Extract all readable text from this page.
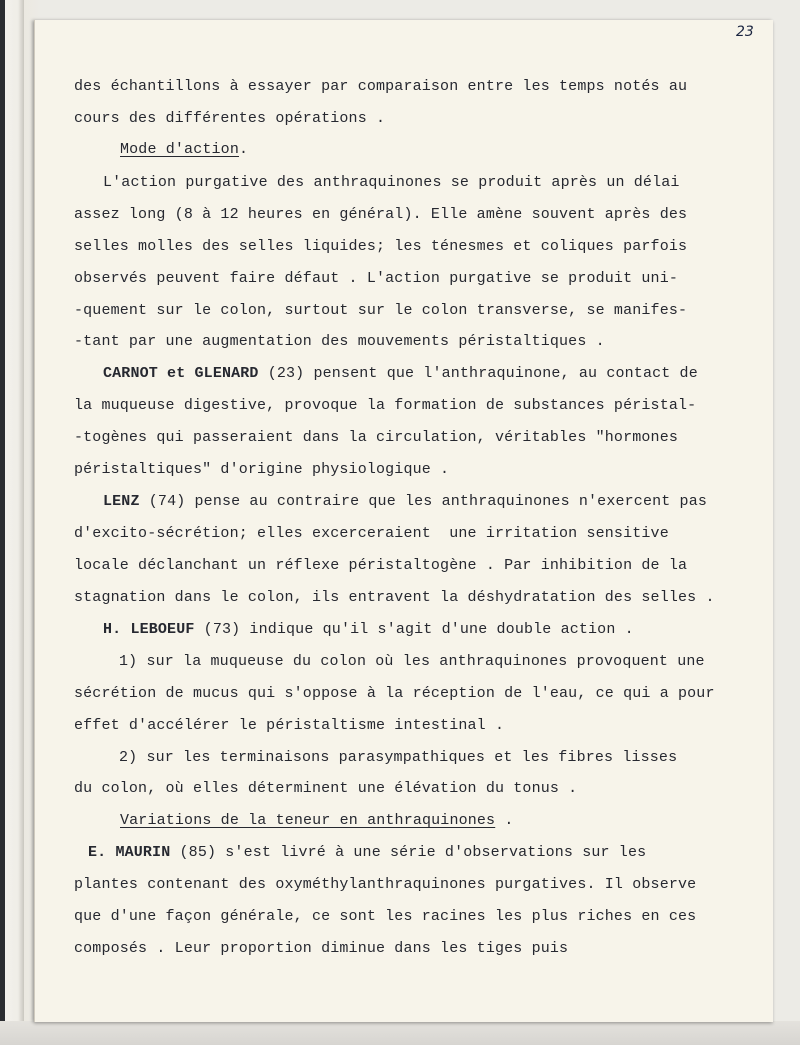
23
des échantillons à essayer par comparaison entre les temps notés au
cours des différentes opérations .
Mode d'action.
L'action purgative des anthraquinones se produit après un délai
assez long (8 à 12 heures en général). Elle amène souvent après des
selles molles des selles liquides; les ténesmes et coliques parfois
observés peuvent faire défaut . L'action purgative se produit uni-
-quement sur le colon, surtout sur le colon transverse, se manifes-
-tant par une augmentation des mouvements péristaltiques .
CARNOT et GLENARD (23) pensent que l'anthraquinone, au contact de
la muqueuse digestive, provoque la formation de substances péristal-
-togènes qui passeraient dans la circulation, véritables "hormones
péristaltiques" d'origine physiologique .
LENZ (74) pense au contraire que les anthraquinones n'exercent pas
d'excito-sécrétion; elles excerceraient  une irritation sensitive
locale déclanchant un réflexe péristaltogène . Par inhibition de la
stagnation dans le colon, ils entravent la déshydratation des selles .
H. LEBOEUF (73) indique qu'il s'agit d'une double action .
1) sur la muqueuse du colon où les anthraquinones provoquent une
sécrétion de mucus qui s'oppose à la réception de l'eau, ce qui a pour
effet d'accélérer le péristaltisme intestinal .
2) sur les terminaisons parasympathiques et les fibres lisses
du colon, où elles déterminent une élévation du tonus .
Variations de la teneur en anthraquinones .
E. MAURIN (85) s'est livré à une série d'observations sur les
plantes contenant des oxyméthylanthraquinones purgatives. Il observe
que d'une façon générale, ce sont les racines les plus riches en ces
composés . Leur proportion diminue dans les tiges puis
